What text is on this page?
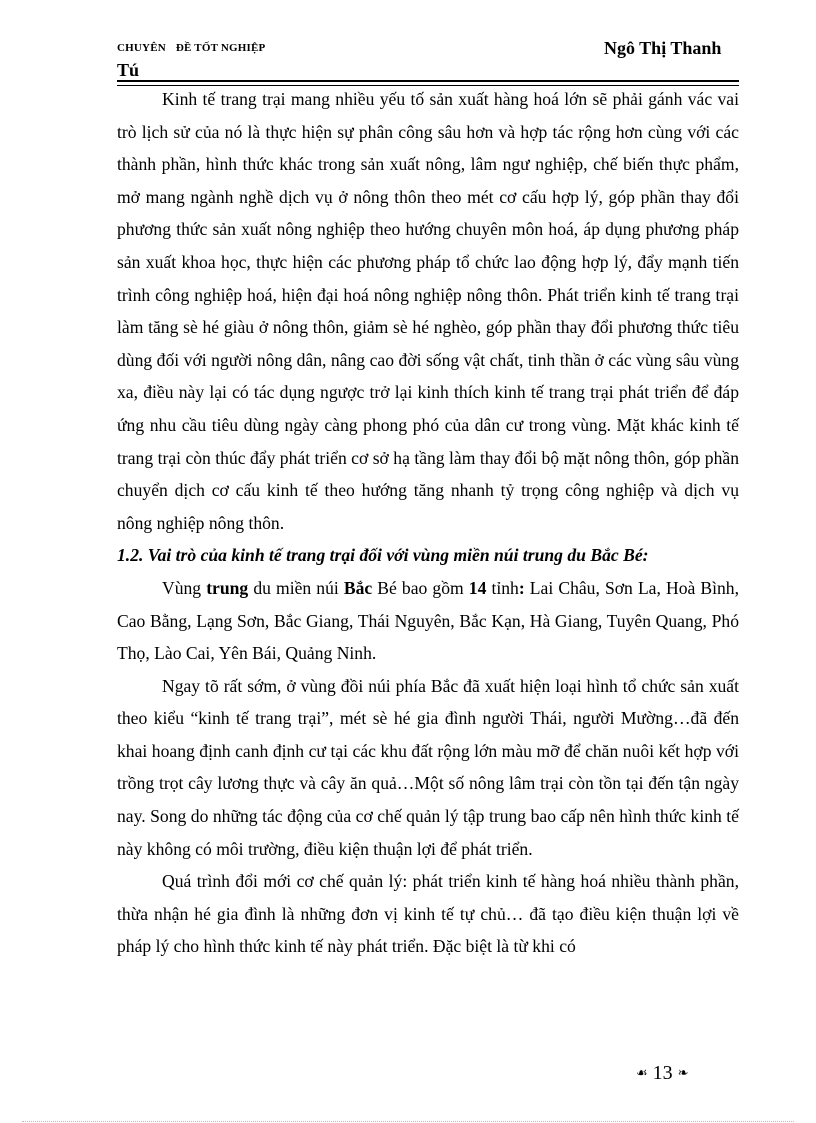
CHUYÊN ĐỀ TỐT NGHIỆP	Ngô Thị Thanh
Tú

Kinh tế trang trại mang nhiều yếu tố sản xuất hàng hoá lớn sẽ phải gánh vác vai trò lịch sử của nó là thực hiện sự phân công sâu hơn và hợp tác rộng hơn cùng với các thành phần, hình thức khác trong sản xuất nông, lâm ngư nghiệp, chế biến thực phẩm, mở mang ngành nghề dịch vụ ở nông thôn theo mét cơ cấu hợp lý, góp phần thay đổi phương thức sản xuất nông nghiệp theo hướng chuyên môn hoá, áp dụng phương pháp sản xuất khoa học, thực hiện các phương pháp tổ chức lao động hợp lý, đẩy mạnh tiến trình công nghiệp hoá, hiện đại hoá nông nghiệp nông thôn. Phát triển kinh tế trang trại làm tăng sè hé giàu ở nông thôn, giảm sè hé nghèo, góp phần thay đổi phương thức tiêu dùng đối với người nông dân, nâng cao đời sống vật chất, tinh thần ở các vùng sâu vùng xa, điều này lại có tác dụng ngược trở lại kinh thích kinh tế trang trại phát triển để đáp ứng nhu cầu tiêu dùng ngày càng phong phó của dân cư trong vùng. Mặt khác kinh tế trang trại còn thúc đẩy phát triển cơ sở hạ tầng làm thay đổi bộ mặt nông thôn, góp phần chuyển dịch cơ cấu kinh tế theo hướng tăng nhanh tỷ trọng công nghiệp và dịch vụ nông nghiệp nông thôn.

1.2. Vai trò của kinh tế trang trại đối với vùng miền núi trung du Bắc Bé:

Vùng trung du miền núi Bắc Bé bao gồm 14 tỉnh: Lai Châu, Sơn La, Hoà Bình, Cao Bằng, Lạng Sơn, Bắc Giang, Thái Nguyên, Bắc Kạn, Hà Giang, Tuyên Quang, Phó Thọ, Lào Cai, Yên Bái, Quảng Ninh.

Ngay tõ rất sớm, ở vùng đồi núi phía Bắc đã xuất hiện loại hình tổ chức sản xuất theo kiểu “kinh tế trang trại”, mét sè hé gia đình người Thái, người Mường…đã đến khai hoang định canh định cư tại các khu đất rộng lớn màu mỡ để chăn nuôi kết hợp với trồng trọt cây lương thực và cây ăn quả…Một số nông lâm trại còn tồn tại đến tận ngày nay. Song do những tác động của cơ chế quản lý tập trung bao cấp nên hình thức kinh tế này không có môi trường, điều kiện thuận lợi để phát triển.

Quá trình đổi mới cơ chế quản lý: phát triển kinh tế hàng hoá nhiều thành phần, thừa nhận hé gia đình là những đơn vị kinh tế tự chủ… đã tạo điều kiện thuận lợi về pháp lý cho hình thức kinh tế này phát triển. Đặc biệt là từ khi có

☙ 13 ❧
